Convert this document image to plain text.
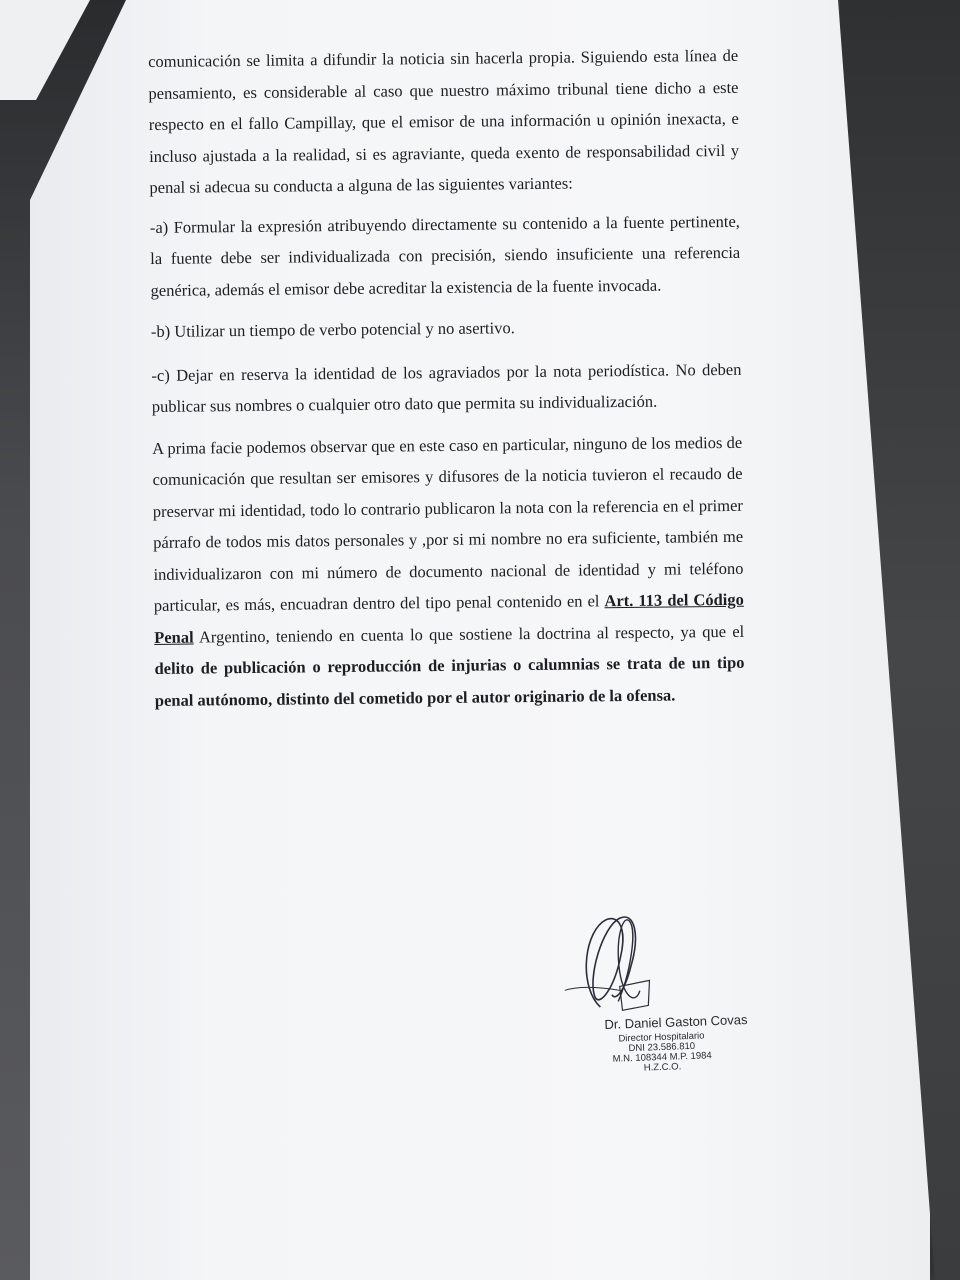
comunicación se limita a difundir la noticia sin hacerla propia. Siguiendo esta línea de pensamiento, es considerable al caso que nuestro máximo tribunal tiene dicho a este respecto en el fallo Campillay, que el emisor de una información u opinión inexacta, e incluso ajustada a la realidad, si es agraviante, queda exento de responsabilidad civil y penal si adecua su conducta a alguna de las siguientes variantes:

-a) Formular la expresión atribuyendo directamente su contenido a la fuente pertinente, la fuente debe ser individualizada con precisión, siendo insuficiente una referencia genérica, además el emisor debe acreditar la existencia de la fuente invocada.

-b) Utilizar un tiempo de verbo potencial y no asertivo.

-c) Dejar en reserva la identidad de los agraviados por la nota periodística. No deben publicar sus nombres o cualquier otro dato que permita su individualización.

A prima facie podemos observar que en este caso en particular, ninguno de los medios de comunicación que resultan ser emisores y difusores de la noticia tuvieron el recaudo de preservar mi identidad, todo lo contrario publicaron la nota con la referencia en el primer párrafo de todos mis datos personales y ,por si mi nombre no era suficiente, también me individualizaron con mi número de documento nacional de identidad y mi teléfono particular, es más, encuadran dentro del tipo penal contenido en el Art. 113 del Código Penal Argentino, teniendo en cuenta lo que sostiene la doctrina al respecto, ya que el delito de publicación o reproducción de injurias o calumnias se trata de un tipo penal autónomo, distinto del cometido por el autor originario de la ofensa.

Dr. Daniel Gaston Covas
Director Hospitalario
DNI 23.586.810
M.N. 108344 M.P. 1984
H.Z.C.O.
